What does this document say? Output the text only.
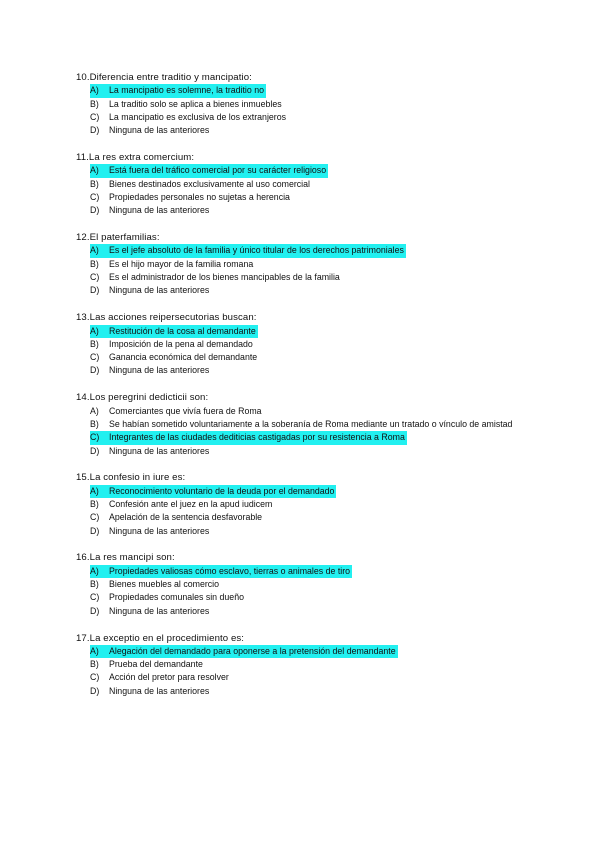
10.Diferencia entre traditio y mancipatio:
A)	La mancipatio es solemne, la traditio no
B)	La traditio solo se aplica a bienes inmuebles
C)	La mancipatio es exclusiva de los extranjeros
D)	Ninguna de las anteriores
11.La res extra comercium:
A)	Está fuera del tráfico comercial por su carácter religioso
B)	Bienes destinados exclusivamente al uso comercial
C)	Propiedades personales no sujetas a herencia
D)	Ninguna de las anteriores
12.El paterfamilias:
A)	Es el jefe absoluto de la familia y único titular de los derechos patrimoniales
B)	Es el hijo mayor de la familia romana
C)	Es el administrador de los bienes mancipables de la familia
D)	Ninguna de las anteriores
13.Las acciones reipersecutorias buscan:
A)	Restitución de la cosa al demandante
B)	Imposición de la pena al demandado
C)	Ganancia económica del demandante
D)	Ninguna de las anteriores
14.Los peregrini dedicticii son:
A)	Comerciantes que vivía fuera de Roma
B)	Se habían sometido voluntariamente a la soberanía de Roma mediante un tratado o vínculo de amistad
C)	Integrantes de las ciudades dediticias castigadas por su resistencia a Roma
D)	Ninguna de las anteriores
15.La confesio in iure es:
A)	Reconocimiento voluntario de la deuda por el demandado
B)	Confesión ante el juez en la apud iudicem
C)	Apelación de la sentencia desfavorable
D)	Ninguna de las anteriores
16.La res mancipi son:
A)	Propiedades valiosas cómo esclavo, tierras o animales de tiro
B)	Bienes muebles al comercio
C)	Propiedades comunales sin dueño
D)	Ninguna de las anteriores
17.La exceptio en el procedimiento es:
A)	Alegación del demandado para oponerse a la pretensión del demandante
B)	Prueba del demandante
C)	Acción del pretor para resolver
D)	Ninguna de las anteriores
